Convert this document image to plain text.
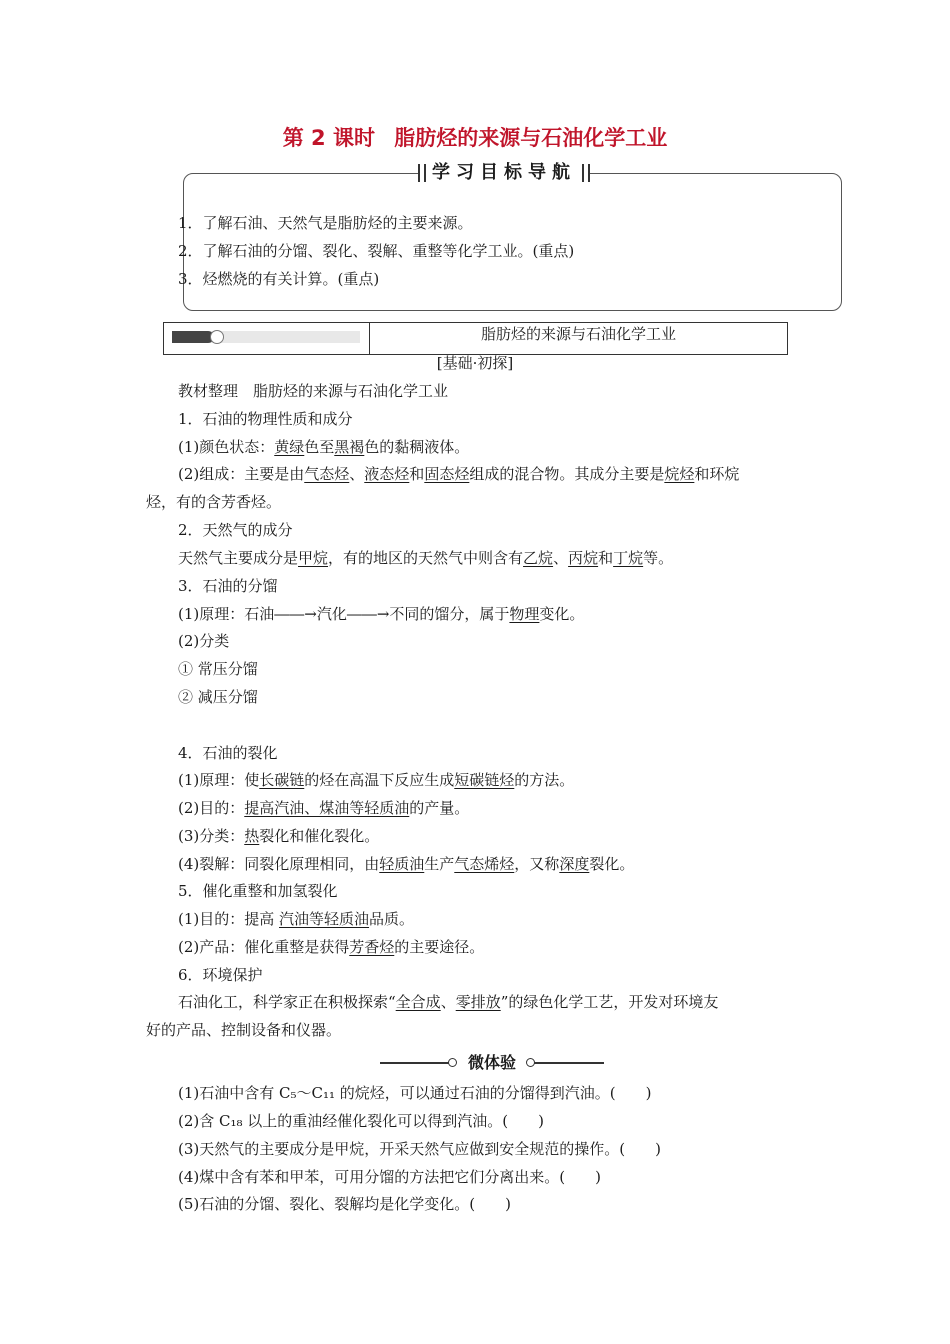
第 2 课时 脂肪烃的来源与石油化学工业
学习目标导航
1．了解石油、天然气是脂肪烃的主要来源。
2．了解石油的分馏、裂化、裂解、重整等化学工业。(重点)
3．烃燃烧的有关计算。(重点)
脂肪烃的来源与石油化学工业
[基础·初探]
教材整理　脂肪烃的来源与石油化学工业
1．石油的物理性质和成分
(1)颜色状态：黄绿色至黑褐色的黏稠液体。
(2)组成：主要是由气态烃、液态烃和固态烃组成的混合物。其成分主要是烷烃和环烷
烃，有的含芳香烃。
2．天然气的成分
天然气主要成分是甲烷，有的地区的天然气中则含有乙烷、丙烷和丁烷等。
3．石油的分馏
(1)原理：石油――→汽化――→不同的馏分，属于物理变化。
(2)分类
① 常压分馏
② 减压分馏
4．石油的裂化
(1)原理：使长碳链的烃在高温下反应生成短碳链烃的方法。
(2)目的：提高汽油、煤油等轻质油的产量。
(3)分类：热裂化和催化裂化。
(4)裂解：同裂化原理相同，由轻质油生产气态烯烃，又称深度裂化。
5．催化重整和加氢裂化
(1)目的：提高 汽油等轻质油品质。
(2)产品：催化重整是获得芳香烃的主要途径。
6．环境保护
石油化工，科学家正在积极探索“全合成、零排放”的绿色化学工艺，开发对环境友
好的产品、控制设备和仪器。
微体验
(1)石油中含有 C₅～C₁₁ 的烷烃，可以通过石油的分馏得到汽油。(　　)
(2)含 C₁₈ 以上的重油经催化裂化可以得到汽油。(　　)
(3)天然气的主要成分是甲烷，开采天然气应做到安全规范的操作。(　　)
(4)煤中含有苯和甲苯，可用分馏的方法把它们分离出来。(　　)
(5)石油的分馏、裂化、裂解均是化学变化。(　　)
